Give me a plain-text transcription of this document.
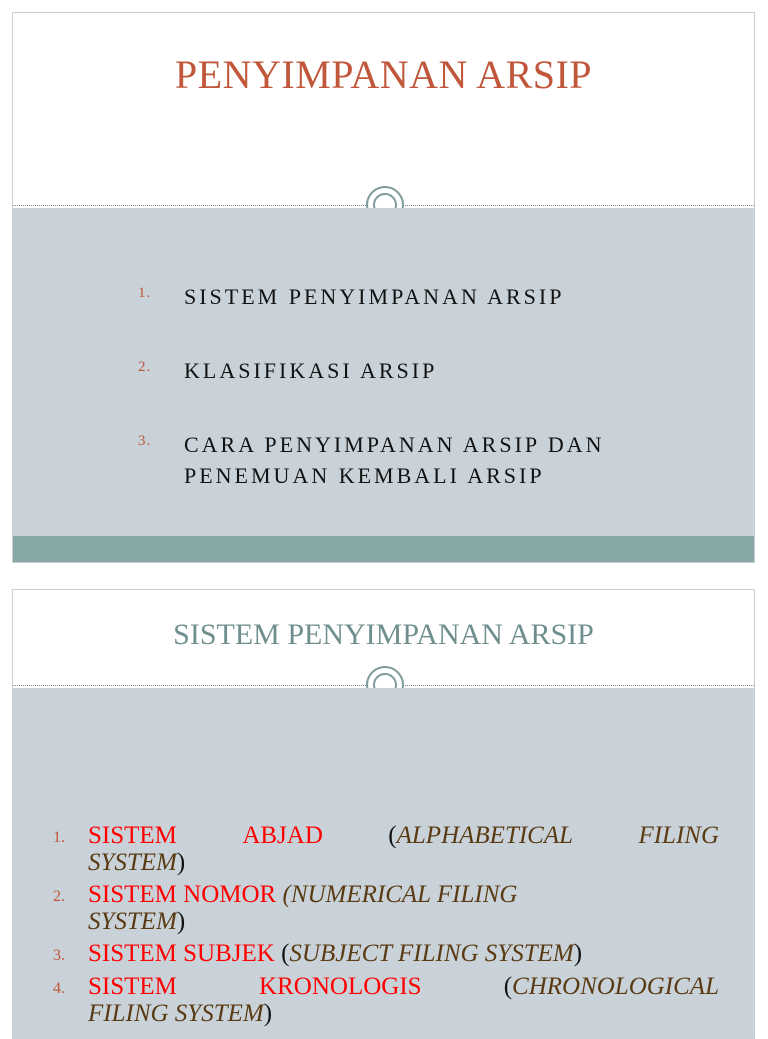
PENYIMPANAN ARSIP
1. SISTEM PENYIMPANAN ARSIP
2. KLASIFIKASI ARSIP
3. CARA PENYIMPANAN ARSIP DAN
PENEMUAN KEMBALI ARSIP
SISTEM PENYIMPANAN ARSIP
1. SISTEM	ABJAD	(ALPHABETICAL	FILING
SYSTEM)
2. SISTEM NOMOR (NUMERICAL FILING
SYSTEM)
3. SISTEM SUBJEK (SUBJECT FILING SYSTEM)
4. SISTEM	KRONOLOGIS	(CHRONOLOGICAL
FILING SYSTEM)
